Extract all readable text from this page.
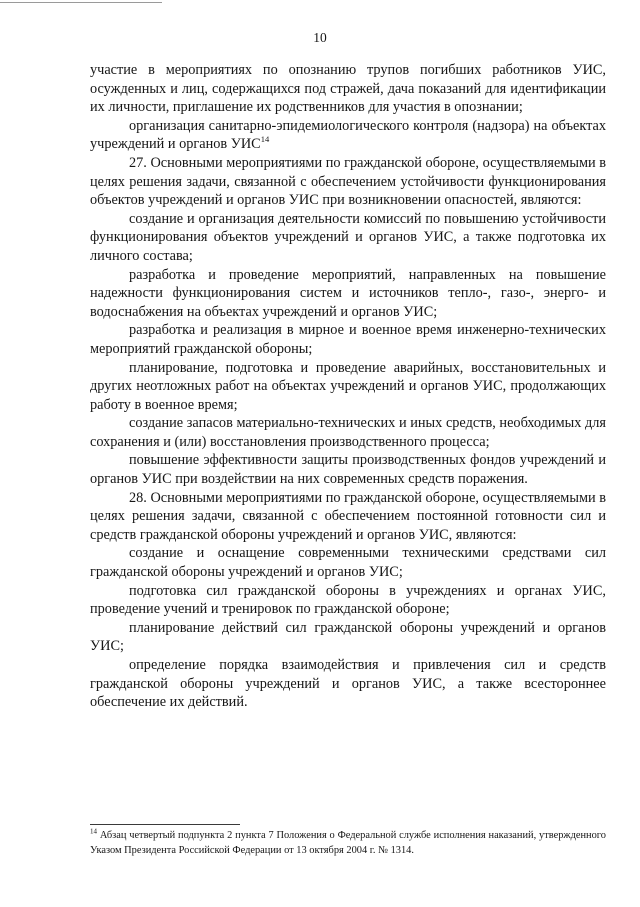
10

участие в мероприятиях по опознанию трупов погибших работников УИС, осужденных и лиц, содержащихся под стражей, дача показаний для идентификации их личности, приглашение их родственников для участия в опознании;

организация санитарно-эпидемиологического контроля (надзора) на объектах учреждений и органов УИС$^{14}$

27. Основными мероприятиями по гражданской обороне, осуществляемыми в целях решения задачи, связанной с обеспечением устойчивости функционирования объектов учреждений и органов УИС при возникновении опасностей, являются:

создание и организация деятельности комиссий по повышению устойчивости функционирования объектов учреждений и органов УИС, а также подготовка их личного состава;

разработка и проведение мероприятий, направленных на повышение надежности функционирования систем и источников тепло-, газо-, энерго- и водоснабжения на объектах учреждений и органов УИС;

разработка и реализация в мирное и военное время инженерно-технических мероприятий гражданской обороны;

планирование, подготовка и проведение аварийных, восстановительных и других неотложных работ на объектах учреждений и органов УИС, продолжающих работу в военное время;

создание запасов материально-технических и иных средств, необходимых для сохранения и (или) восстановления производственного процесса;

повышение эффективности защиты производственных фондов учреждений и органов УИС при воздействии на них современных средств поражения.

28. Основными мероприятиями по гражданской обороне, осуществляемыми в целях решения задачи, связанной с обеспечением постоянной готовности сил и средств гражданской обороны учреждений и органов УИС, являются:

создание и оснащение современными техническими средствами сил гражданской обороны учреждений и органов УИС;

подготовка сил гражданской обороны в учреждениях и органах УИС, проведение учений и тренировок по гражданской обороне;

планирование действий сил гражданской обороны учреждений и органов УИС;

определение порядка взаимодействия и привлечения сил и средств гражданской обороны учреждений и органов УИС, а также всестороннее обеспечение их действий.

$^{14}$ Абзац четвертый подпункта 2 пункта 7 Положения о Федеральной службе исполнения наказаний, утвержденного Указом Президента Российской Федерации от 13 октября 2004 г. № 1314.
